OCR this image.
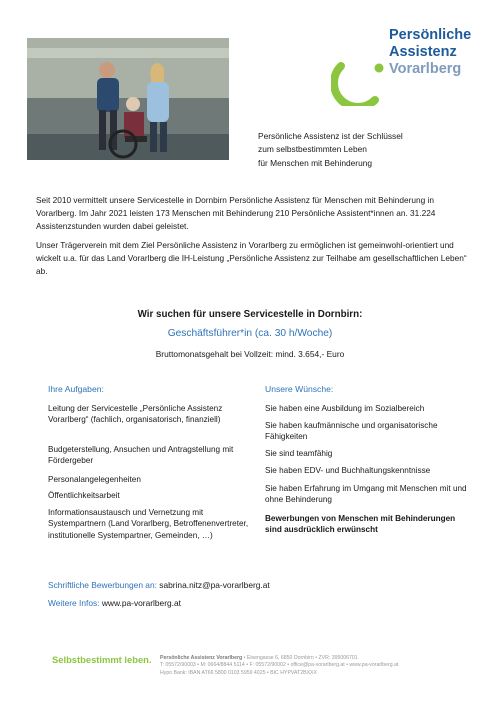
Persönliche
Assistenz
Vorarlberg
Persönliche Assistenz ist der Schlüssel
zum selbstbestimmten Leben
für Menschen mit Behinderung

Seit 2010 vermittelt unsere Servicestelle in Dornbirn Persönliche Assistenz für Menschen mit Behinderung in Vorarlberg. Im Jahr 2021 leisten 173 Menschen mit Behinderung 210 Persönliche Assistent*innen an. 31.224 Assistenzstunden wurden dabei geleistet.

Unser Trägerverein mit dem Ziel Persönliche Assistenz in Vorarlberg zu ermöglichen ist gemeinwohl-orientiert und wickelt u.a. für das Land Vorarlberg die IH-Leistung „Persönliche Assistenz zur Teilhabe am gesellschaftlichen Leben“ ab.

Wir suchen für unsere Servicestelle in Dornbirn:
Geschäftsführer*in (ca. 30 h/Woche)
Bruttomonatsgehalt bei Vollzeit: mind. 3.654,- Euro
Ihre Aufgaben:
Leitung der Servicestelle „Persönliche Assistenz Vorarlberg“ (fachlich, organisatorisch, finanziell)
Budgeterstellung, Ansuchen und Antragstellung mit Fördergeber
Personalangelegenheiten
Öffentlichkeitsarbeit
Informationsaustausch und Vernetzung mit Systempartnern (Land Vorarlberg, Betroffenenvertreter, institutionelle Systempartner, Gemeinden, …)
Unsere Wünsche:
Sie haben eine Ausbildung im Sozialbereich
Sie haben kaufmännische und organisatorische Fähigkeiten
Sie sind teamfähig
Sie haben EDV- und Buchhaltungskenntnisse
Sie haben Erfahrung im Umgang mit Menschen mit und ohne Behinderung
Bewerbungen von Menschen mit Behinderungen sind ausdrücklich erwünscht
Schriftliche Bewerbungen an: sabrina.nitz@pa-vorarlberg.at
Weitere Infos: www.pa-vorarlberg.at
Selbstbestimmt leben. Persönliche Assistenz Vorarlberg • Eisengasse 6, 6850 Dornbirn • ZVR: 395006701
T: 05572/90003 • M: 0664/8844 5114 • F: 05572/90002 • office@pa-vorarlberg.at • www.pa-vorarlberg.at
Hypo Bank: IBAN AT66 5800 0103 5959 4025 • BIC HYPVAT2BXXX
